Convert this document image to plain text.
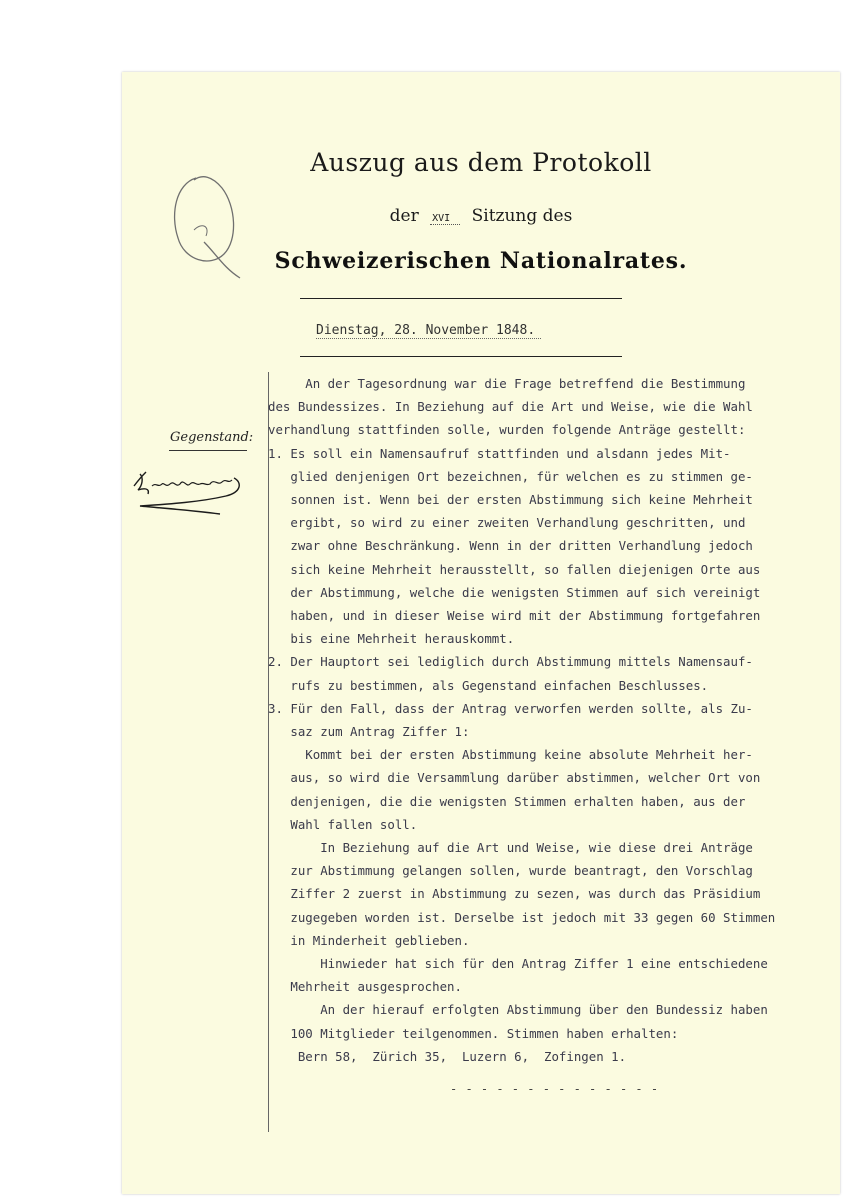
Auszug aus dem Protokoll
der XVI Sitzung des
Schweizerischen Nationalrates.
Dienstag, 28. November 1848.
Gegenstand:
An der Tagesordnung war die Frage betreffend die Bestimmung
des Bundessizes. In Beziehung auf die Art und Weise, wie die Wahl
verhandlung stattfinden solle, wurden folgende Anträge gestellt:
1. Es soll ein Namensaufruf stattfinden und alsdann jedes Mit-
glied denjenigen Ort bezeichnen, für welchen es zu stimmen ge-
sonnen ist. Wenn bei der ersten Abstimmung sich keine Mehrheit
ergibt, so wird zu einer zweiten Verhandlung geschritten, und
zwar ohne Beschränkung. Wenn in der dritten Verhandlung jedoch
sich keine Mehrheit herausstellt, so fallen diejenigen Orte aus
der Abstimmung, welche die wenigsten Stimmen auf sich vereinigt
haben, und in dieser Weise wird mit der Abstimmung fortgefahren
bis eine Mehrheit herauskommt.
2. Der Hauptort sei lediglich durch Abstimmung mittels Namensauf-
rufs zu bestimmen, als Gegenstand einfachen Beschlusses.
3. Für den Fall, dass der Antrag verworfen werden sollte, als Zu-
saz zum Antrag Ziffer 1:
Kommt bei der ersten Abstimmung keine absolute Mehrheit her-
aus, so wird die Versammlung darüber abstimmen, welcher Ort von
denjenigen, die die wenigsten Stimmen erhalten haben, aus der
Wahl fallen soll.
In Beziehung auf die Art und Weise, wie diese drei Anträge
zur Abstimmung gelangen sollen, wurde beantragt, den Vorschlag
Ziffer 2 zuerst in Abstimmung zu sezen, was durch das Präsidium
zugegeben worden ist. Derselbe ist jedoch mit 33 gegen 60 Stimmen
in Minderheit geblieben.
Hinwieder hat sich für den Antrag Ziffer 1 eine entschiedene
Mehrheit ausgesprochen.
An der hierauf erfolgten Abstimmung über den Bundessiz haben
100 Mitglieder teilgenommen. Stimmen haben erhalten:
Bern 58,  Zürich 35,  Luzern 6,  Zofingen 1.
- - - - - - - - - - - - - -
